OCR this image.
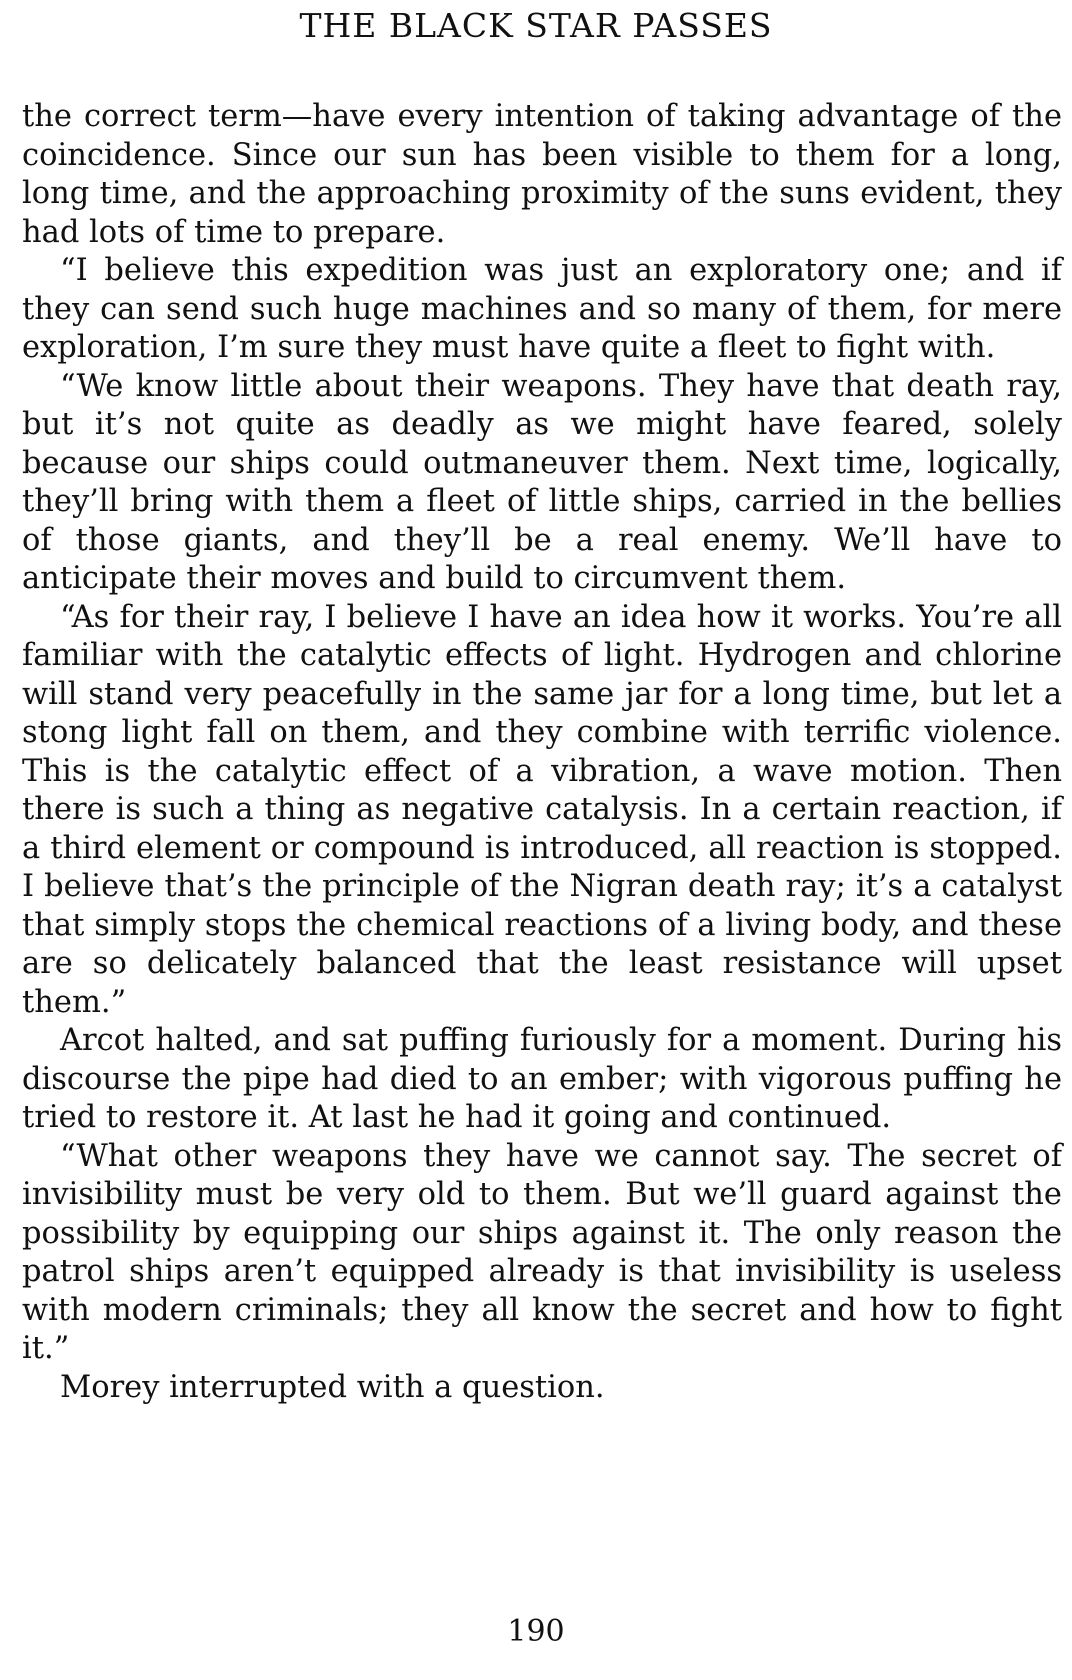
THE BLACK STAR PASSES

the correct term—have every intention of taking advantage of the coincidence. Since our sun has been visible to them for a long, long time, and the approaching proximity of the suns evident, they had lots of time to prepare.

“I believe this expedition was just an exploratory one; and if they can send such huge machines and so many of them, for mere exploration, I’m sure they must have quite a fleet to fight with.

“We know little about their weapons. They have that death ray, but it’s not quite as deadly as we might have feared, solely because our ships could outmaneuver them. Next time, logically, they’ll bring with them a fleet of little ships, carried in the bellies of those giants, and they’ll be a real enemy. We’ll have to anticipate their moves and build to circumvent them.

“As for their ray, I believe I have an idea how it works. You’re all familiar with the catalytic effects of light. Hydrogen and chlorine will stand very peacefully in the same jar for a long time, but let a stong light fall on them, and they combine with terrific violence. This is the catalytic effect of a vibration, a wave motion. Then there is such a thing as negative catalysis. In a certain reaction, if a third element or compound is introduced, all reaction is stopped. I believe that’s the principle of the Nigran death ray; it’s a catalyst that simply stops the chemical reactions of a living body, and these are so delicately balanced that the least resistance will upset them.”

Arcot halted, and sat puffing furiously for a moment. During his discourse the pipe had died to an ember; with vigorous puffing he tried to restore it. At last he had it going and continued.

“What other weapons they have we cannot say. The secret of invisibility must be very old to them. But we’ll guard against the possibility by equipping our ships against it. The only reason the patrol ships aren’t equipped already is that invisibility is useless with modern criminals; they all know the secret and how to fight it.”

Morey interrupted with a question.

190
